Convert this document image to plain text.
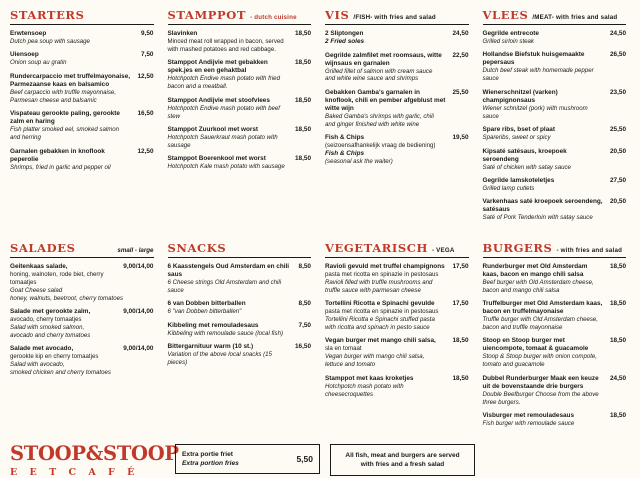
STARTERS
Erwtensoep	9,50
Dutch pea soup with sausage
Uiensoep	7,50
Onion soup au gratin
Rundercarpaccio met truffelmayonaise, Parmezaanse kaas en balsamico
12,50
Beef carpaccio with truffle mayonnaise, Parmesan cheese and balsamic
Vispateau gerookte paling, gerookte zalm en haring
16,50
Fish platter smoked eel, smoked salmon and herring
Garnalen gebakken in knoflook peperolie
12,50
Shrimps, fried in garlic and pepper oil
STAMPPOT - dutch cuisine
Slavinken	18,50
Minced meat roll wrapped in bacon, served with mashed potatoes and red cabbage.
Stamppot Andijvie met gebakken spek.jes en een gehaktbal
18,50
Hotchpotch Endive mash potato with fried bacon and a meatball.
Stamppot Andijvie met stoofvlees	18,50
Hotchpotch Endive mash potato with beef stew
Stamppot Zuurkool met worst	18,50
Hotchpotch Sauerkraut mash potato with sausage
Stamppot Boerenkool met worst	18,50
Hotchpotch Kale mash potato with sausage
VIS /FISH- with fries and salad
2 Sliptongen	24,50
2 Fried soles
Gegrilde zalmfilet met roomsaus, witte wijnsaus en garnalen
22,50
Grilled fillet of salmon with cream sauce and white wine sauce and shrimps
Gebakken Gamba's garnalen in knoflook, chili en pember afgeblust met witte wijn
25,50
Baked Gamba's shrimps with garlic, chili and ginger finished with white wine
Fish & Chips	19,50
(seizoensafhankelijk vraag de bediening)
Fish & Chips
(seasonal ask the waiter)
VLEES /MEAT- with fries and salad
Gegrilde entrecote	24,50
Grilled sirloin steak
Hollandse Biefstuk huisgemaakte pepersaus
26,50
Dutch beef steak with homemade pepper sauce
Wienerschnitzel (varken) champignonsaus
23,50
Wiener schnitzel (pork) with mushroom sauce
Spare ribs, bset of plaat	25,50
Spareribs, sweet or spicy
Kipsaté satésaus, kroepoek seroendeng
20,50
Saté of chicken with satay sauce
Gegrilde lamskoteletjes	27,50
Grilled lamp cutlets
Varkenhaas saté kroepoek seroendeng, satésaus
20,50
Saté of Pork Tenderloin with satay sauce
SALADES	small - large
Geitenkaas salade,	9,00/14,00
honing, walnoten, rode biet, cherry tomaatjes
Goat Cheese salad
honey, walnuts, beetroot, cherry tomatoes
Salade met gerookte zalm,	9,00/14,00
avocado, cherry tomaatjes
Salad with smoked salmon,
avocado and cherry tomatoes
Salade met avocado,	9,00/14,00
gerookte kip en cherry tomaatjes
Salad with avocado,
smoked chicken and cherry tomatoes
SNACKS
6 Kaasstengels Oud Amsterdam en chili saus
8,50
6 Cheese strings Old Amsterdam and chili sauce
6 van Dobben bitterballen	8,50
6 "van Dobben bitterballen"
Kibbeling met remouladesaus	7,50
Kibbeling with remoulade sauce (local fish)
Bittergarnituur warm (10 st.)	16,50
Variation of the above local snacks (15 pieces)
VEGETARISCH - VEGA
Ravioli gevuld met truffel champignons	17,50
pasta met ricotta en spinazie in pestosaus
Ravioli filled with truffle mushrooms and truffle sauce with parmesan cheese
Tortellini Ricotta e Spinachi gevulde	17,50
pasta met ricotta en spinazie in pestosaus
Tortellini Ricotta e Spinachi stuffed pasta with ricotta and spinach in pesto sauce
Vegan burger met mango chili salsa,	18,50
sla en tomaat
Vegan burger with mango chili salsa, lettuce and tomato
Stamppot met kaas kroketjes	18,50
Hotchpotch mash potato with cheesecroquettes
BURGERS - with fries and salad
Runderburger met Old Amsterdam kaas, bacon en mango chili salsa
18,50
Beef burger with Old Amsterdam cheese, bacon and mango chili salsa
Truffelburger met Old Amsterdam kaas, bacon en truffelmayonaise
18,50
Truffle burger with Old Amsterdam cheese, bacon and truffle mayonnaise
Stoop en Stoop burger met uiencompote, tomaat & guacamole
18,50
Stoop & Stoop burger with onion compote, tomato and guacamole
Dubbel Runderburger Maak een keuze uit de bovenstaande drie burgers
24,50
Double Beefburger Choose from the above three burgers.
Visburger met remouladesaus	18,50
Fish burger with remoulade sauce
STOOP&STOOP
E E T C A F É
Extra portie friet
Extra portion fries	5,50	All fish, meat and burgers are served with fries and a fresh salad
